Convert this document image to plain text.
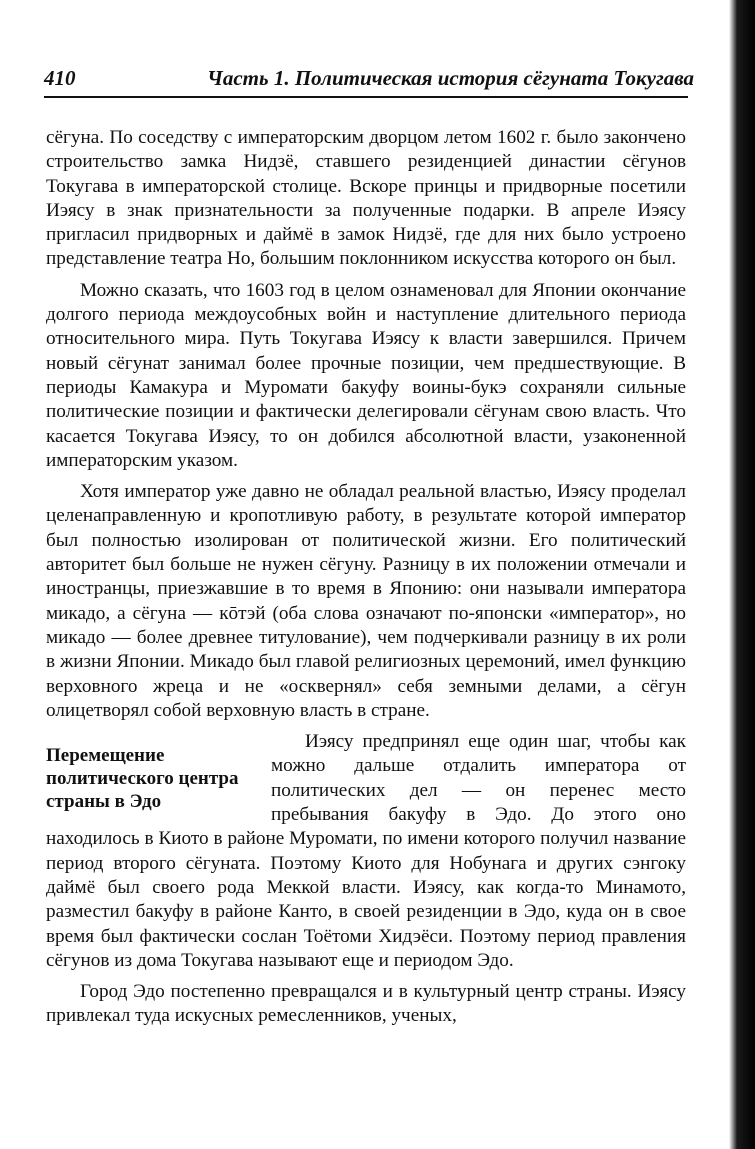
410	Часть 1. Политическая история сёгуната Токугава

сёгуна. По соседству с императорским дворцом летом 1602 г. было закончено строительство замка Нидзё, ставшего резиденцией династии сёгунов Токугава в императорской столице. Вскоре принцы и придворные посетили Иэясу в знак признательности за полученные подарки. В апреле Иэясу пригласил придворных и даймё в замок Нидзё, где для них было устроено представление театра Но, большим поклонником искусства которого он был.

Можно сказать, что 1603 год в целом ознаменовал для Японии окончание долгого периода междоусобных войн и наступление длительного периода относительного мира. Путь Токугава Иэясу к власти завершился. Причем новый сёгунат занимал более прочные позиции, чем предшествующие. В периоды Камакура и Муромати бакуфу воины-букэ сохраняли сильные политические позиции и фактически делегировали сёгунам свою власть. Что касается Токугава Иэясу, то он добился абсолютной власти, узаконенной императорским указом.

Хотя император уже давно не обладал реальной властью, Иэясу проделал целенаправленную и кропотливую работу, в результате которой император был полностью изолирован от политической жизни. Его политический авторитет был больше не нужен сёгуну. Разницу в их положении отмечали и иностранцы, приезжавшие в то время в Японию: они называли императора микадо, а сёгуна — кōтэй (оба слова означают по-японски «император», но микадо — более древнее титулование), чем подчеркивали разницу в их роли в жизни Японии. Микадо был главой религиозных церемоний, имел функцию верховного жреца и не «осквернял» себя земными делами, а сёгун олицетворял собой верховную власть в стране.

Перемещение политического центра страны в Эдо
Иэясу предпринял еще один шаг, чтобы как можно дальше отдалить императора от политических дел — он перенес место пребывания бакуфу в Эдо. До этого оно находилось в Киото в районе Муромати, по имени которого получил название период второго сёгуната. Поэтому Киото для Нобунага и других сэнгоку даймё был своего рода Меккой власти. Иэясу, как когда-то Минамото, разместил бакуфу в районе Канто, в своей резиденции в Эдо, куда он в свое время был фактически сослан Тоётоми Хидэёси. Поэтому период правления сёгунов из дома Токугава называют еще и периодом Эдо.

Город Эдо постепенно превращался и в культурный центр страны. Иэясу привлекал туда искусных ремесленников, ученых,
